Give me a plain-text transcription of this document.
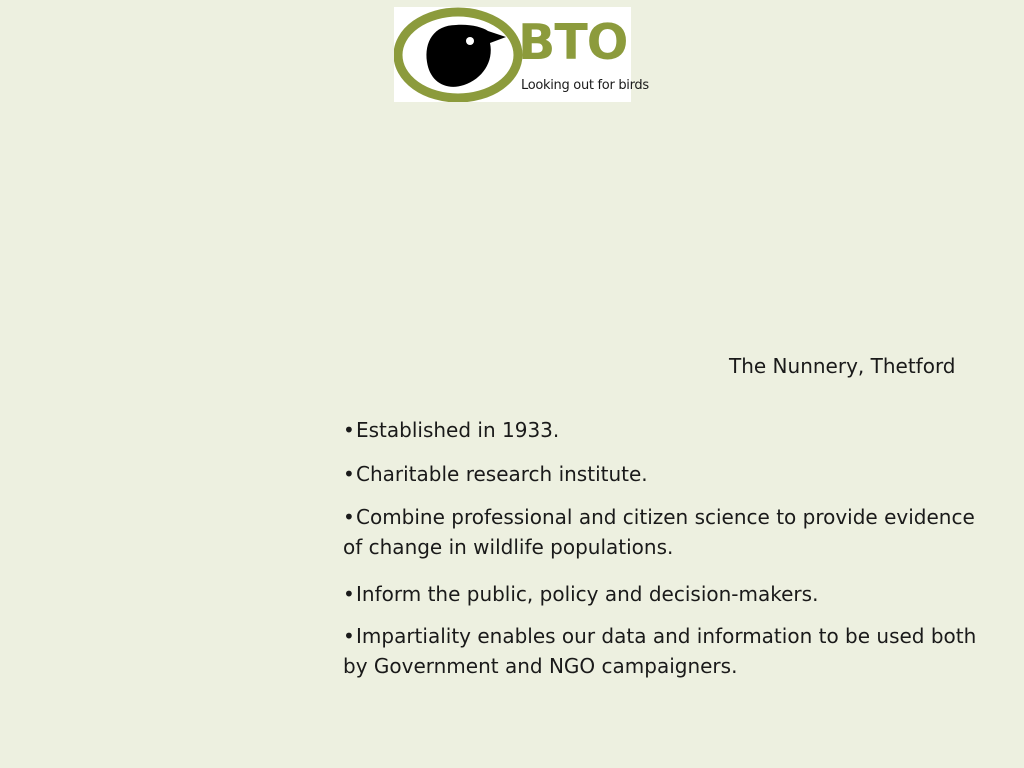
BTO
Looking out for birds
The Nunnery, Thetford
•Established in 1933.
•Charitable research institute.
•Combine professional and citizen science to provide evidence of change in wildlife populations.
•Inform the public, policy and decision-makers.
•Impartiality enables our data and information to be used both by Government and NGO campaigners.
